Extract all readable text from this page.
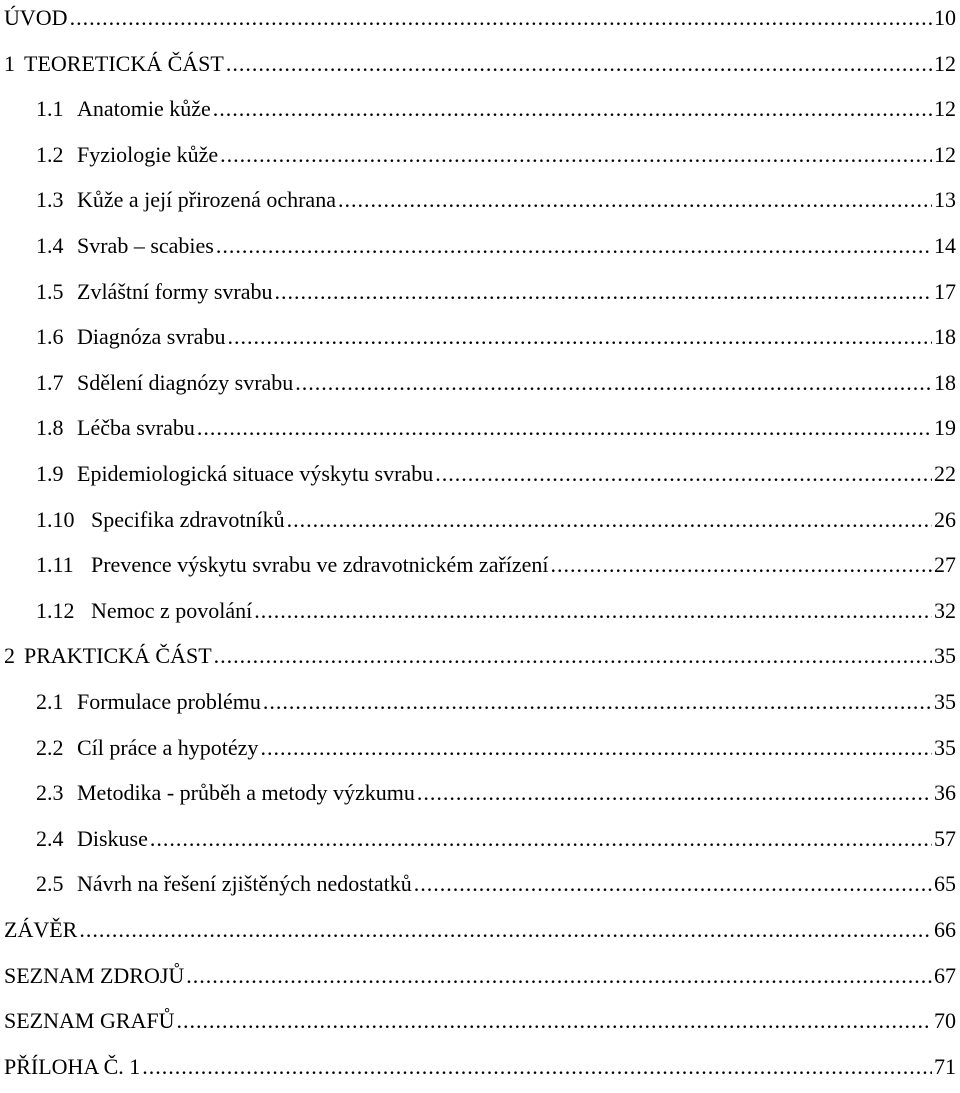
ÚVOD .....	10
1 TEORETICKÁ ČÁST .....	12
1.1 Anatomie kůže .....	12
1.2 Fyziologie kůže .....	12
1.3 Kůže a její přirozená ochrana .....	13
1.4 Svrab – scabies .....	14
1.5 Zvláštní formy svrabu .....	17
1.6 Diagnóza svrabu .....	18
1.7 Sdělení diagnózy svrabu .....	18
1.8 Léčba svrabu .....	19
1.9 Epidemiologická situace výskytu svrabu .....	22
1.10 Specifika zdravotníků .....	26
1.11 Prevence výskytu svrabu ve zdravotnickém zařízení .....	27
1.12 Nemoc z povolání .....	32
2 PRAKTICKÁ ČÁST .....	35
2.1 Formulace problému .....	35
2.2 Cíl práce a hypotézy .....	35
2.3 Metodika - průběh a metody výzkumu .....	36
2.4 Diskuse .....	57
2.5 Návrh na řešení zjištěných nedostatků .....	65
ZÁVĚR .....	66
SEZNAM ZDROJŮ .....	67
SEZNAM GRAFŮ .....	70
PŘÍLOHA Č. 1 .....	71
